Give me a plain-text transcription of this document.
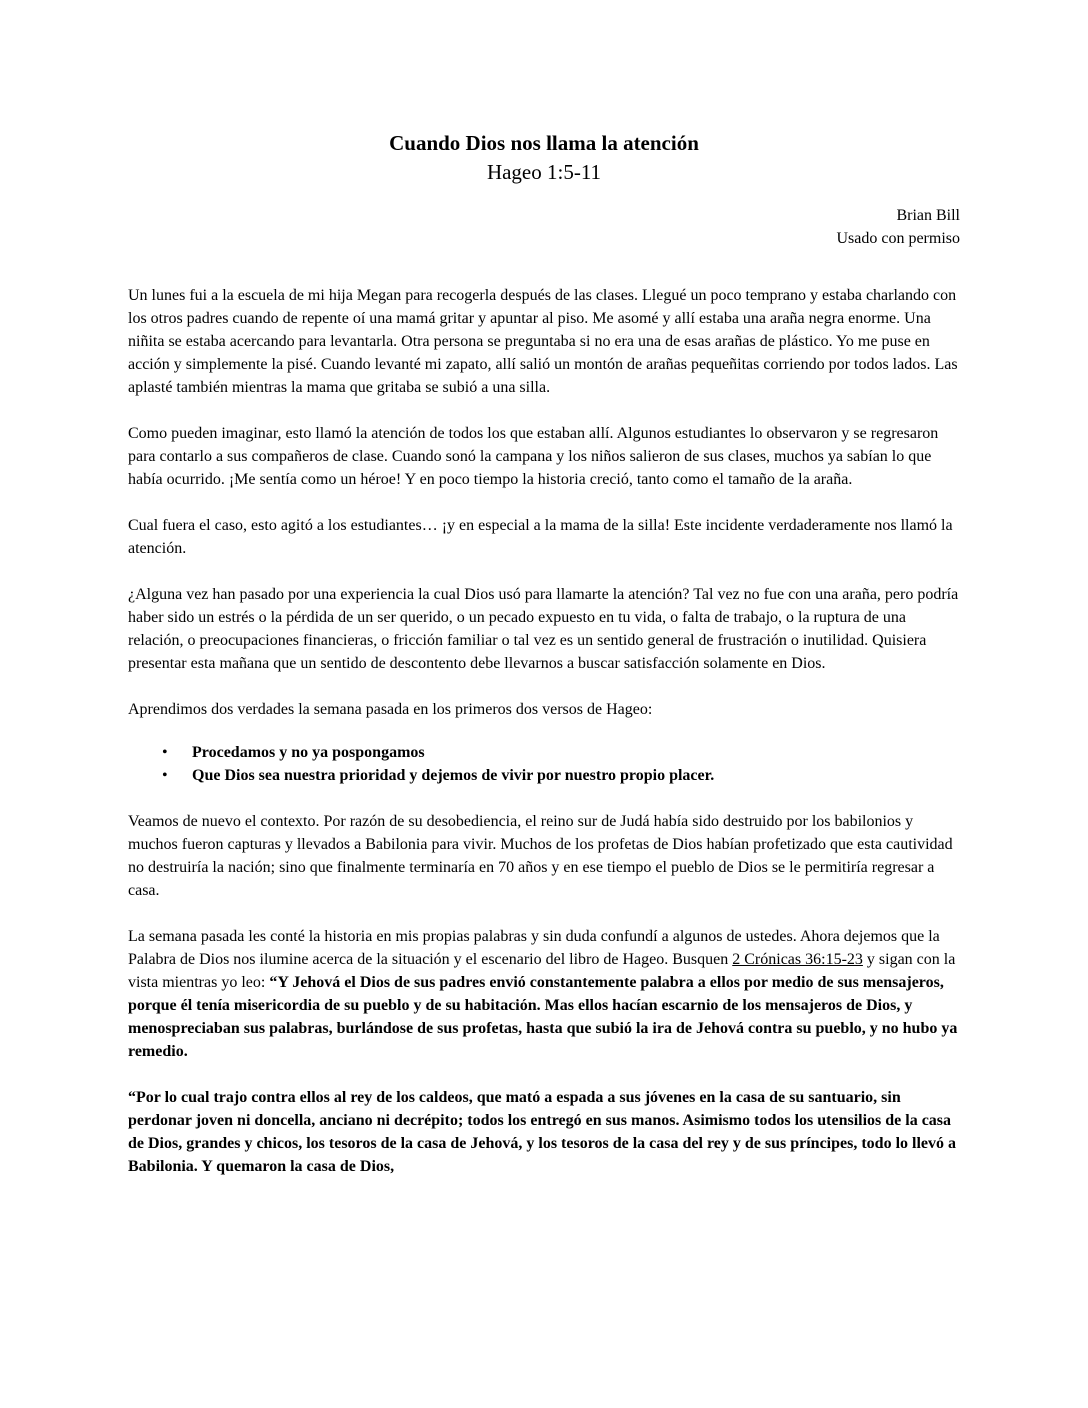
Cuando Dios nos llama la atención
Hageo 1:5-11
Brian Bill
Usado con permiso

Un lunes fui a la escuela de mi hija Megan para recogerla después de las clases. Llegué un poco temprano y estaba charlando con los otros padres cuando de repente oí una mamá gritar y apuntar al piso. Me asomé y allí estaba una araña negra enorme. Una niñita se estaba acercando para levantarla. Otra persona se preguntaba si no era una de esas arañas de plástico. Yo me puse en acción y simplemente la pisé. Cuando levanté mi zapato, allí salió un montón de arañas pequeñitas corriendo por todos lados. Las aplasté también mientras la mama que gritaba se subió a una silla.

Como pueden imaginar, esto llamó la atención de todos los que estaban allí. Algunos estudiantes lo observaron y se regresaron para contarlo a sus compañeros de clase. Cuando sonó la campana y los niños salieron de sus clases, muchos ya sabían lo que había ocurrido. ¡Me sentía como un héroe! Y en poco tiempo la historia creció, tanto como el tamaño de la araña.

Cual fuera el caso, esto agitó a los estudiantes… ¡y en especial a la mama de la silla! Este incidente verdaderamente nos llamó la atención.

¿Alguna vez han pasado por una experiencia la cual Dios usó para llamarte la atención? Tal vez no fue con una araña, pero podría haber sido un estrés o la pérdida de un ser querido, o un pecado expuesto en tu vida, o falta de trabajo, o la ruptura de una relación, o preocupaciones financieras, o fricción familiar o tal vez es un sentido general de frustración o inutilidad. Quisiera presentar esta mañana que un sentido de descontento debe llevarnos a buscar satisfacción solamente en Dios.

Aprendimos dos verdades la semana pasada en los primeros dos versos de Hageo:

• Procedamos y no ya pospongamos
• Que Dios sea nuestra prioridad y dejemos de vivir por nuestro propio placer.

Veamos de nuevo el contexto. Por razón de su desobediencia, el reino sur de Judá había sido destruido por los babilonios y muchos fueron capturas y llevados a Babilonia para vivir. Muchos de los profetas de Dios habían profetizado que esta cautividad no destruiría la nación; sino que finalmente terminaría en 70 años y en ese tiempo el pueblo de Dios se le permitiría regresar a casa.

La semana pasada les conté la historia en mis propias palabras y sin duda confundí a algunos de ustedes. Ahora dejemos que la Palabra de Dios nos ilumine acerca de la situación y el escenario del libro de Hageo. Busquen 2 Crónicas 36:15-23 y sigan con la vista mientras yo leo: “Y Jehová el Dios de sus padres envió constantemente palabra a ellos por medio de sus mensajeros, porque él tenía misericordia de su pueblo y de su habitación. Mas ellos hacían escarnio de los mensajeros de Dios, y menospreciaban sus palabras, burlándose de sus profetas, hasta que subió la ira de Jehová contra su pueblo, y no hubo ya remedio.

“Por lo cual trajo contra ellos al rey de los caldeos, que mató a espada a sus jóvenes en la casa de su santuario, sin perdonar joven ni doncella, anciano ni decrépito; todos los entregó en sus manos. Asimismo todos los utensilios de la casa de Dios, grandes y chicos, los tesoros de la casa de Jehová, y los tesoros de la casa del rey y de sus príncipes, todo lo llevó a Babilonia. Y quemaron la casa de Dios,
